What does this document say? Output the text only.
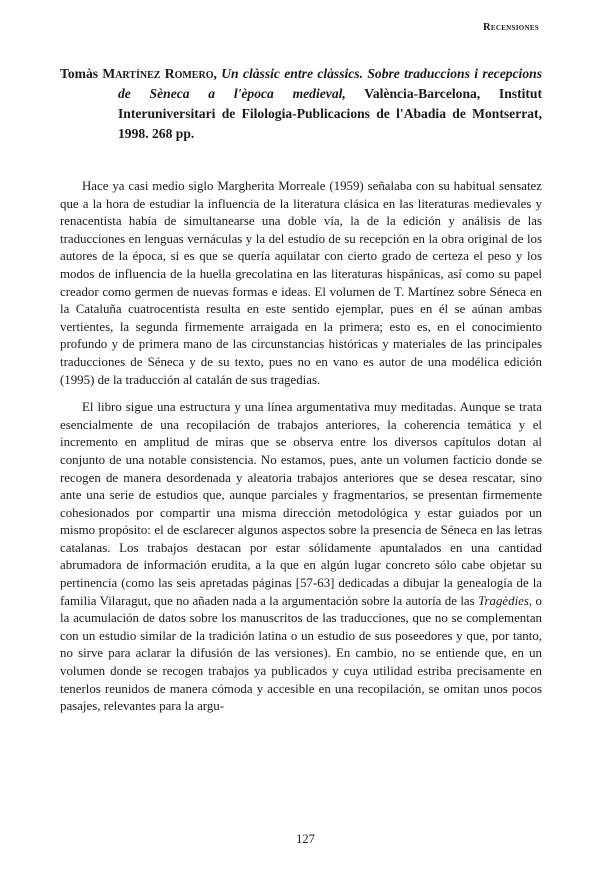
Recensiones
Tomàs Martínez Romero, Un clàssic entre clàssics. Sobre traduccions i recepcions de Sèneca a l'època medieval, València-Barcelona, Institut Interuniversitari de Filologia-Publicacions de l'Abadia de Montserrat, 1998. 268 pp.

Hace ya casi medio siglo Margherita Morreale (1959) señalaba con su habitual sensatez que a la hora de estudiar la influencia de la literatura clásica en las literaturas medievales y renacentista había de simultanearse una doble vía, la de la edición y análisis de las traducciones en lenguas vernáculas y la del estudio de su recepción en la obra original de los autores de la época, si es que se quería aquilatar con cierto grado de certeza el peso y los modos de influencia de la huella grecolatina en las literaturas hispánicas, así como su papel creador como germen de nuevas formas e ideas. El volumen de T. Martínez sobre Séneca en la Cataluña cuatrocentista resulta en este sentido ejemplar, pues en él se aúnan ambas vertientes, la segunda firmemente arraigada en la primera; esto es, en el conocimiento profundo y de primera mano de las circunstancias históricas y materiales de las principales traducciones de Séneca y de su texto, pues no en vano es autor de una modélica edición (1995) de la traducción al catalán de sus tragedias.

El libro sigue una estructura y una línea argumentativa muy meditadas. Aunque se trata esencialmente de una recopilación de trabajos anteriores, la coherencia temática y el incremento en amplitud de miras que se observa entre los diversos capítulos dotan al conjunto de una notable consistencia. No estamos, pues, ante un volumen facticio donde se recogen de manera desordenada y aleatoria trabajos anteriores que se desea rescatar, sino ante una serie de estudios que, aunque parciales y fragmentarios, se presentan firmemente cohesionados por compartir una misma dirección metodológica y estar guiados por un mismo propósito: el de esclarecer algunos aspectos sobre la presencia de Séneca en las letras catalanas. Los trabajos destacan por estar sólidamente apuntalados en una cantidad abrumadora de información erudita, a la que en algún lugar concreto sólo cabe objetar su pertinencia (como las seis apretadas páginas [57-63] dedicadas a dibujar la genealogía de la familia Vilaragut, que no añaden nada a la argumentación sobre la autoría de las Tragèdies, o la acumulación de datos sobre los manuscritos de las traducciones, que no se complementan con un estudio similar de la tradición latina o un estudio de sus poseedores y que, por tanto, no sirve para aclarar la difusión de las versiones). En cambio, no se entiende que, en un volumen donde se recogen trabajos ya publicados y cuya utilidad estriba precisamente en tenerlos reunidos de manera cómoda y accesible en una recopilación, se omitan unos pocos pasajes, relevantes para la argu-

127
